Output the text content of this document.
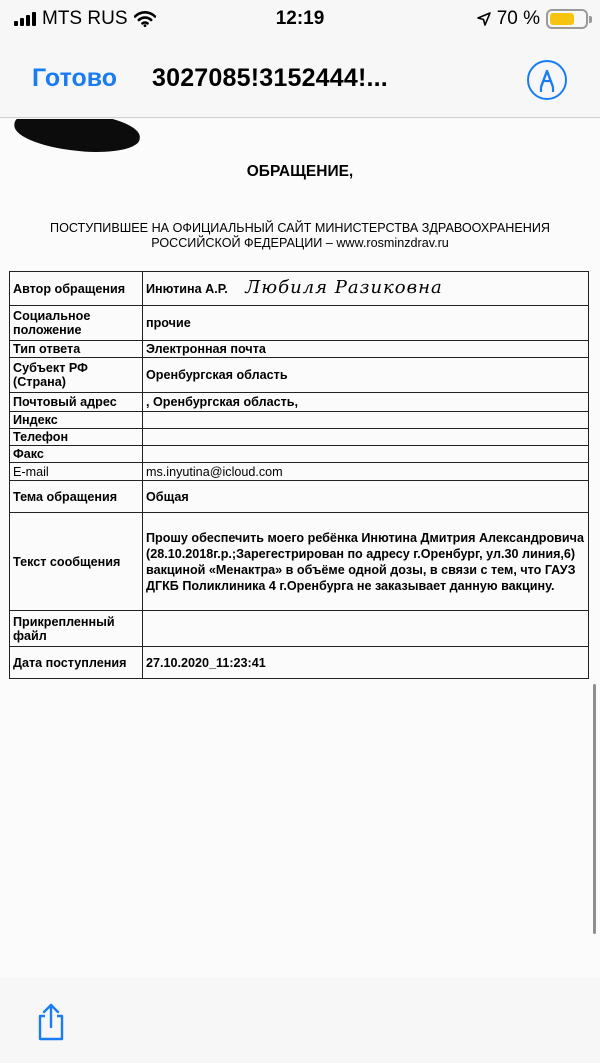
MTS RUS	12:19	70 %
Готово 3027085!3152444!...
ОБРАЩЕНИЕ,
ПОСТУПИВШЕЕ НА ОФИЦИАЛЬНЫЙ САЙТ МИНИСТЕРСТВА ЗДРАВООХРАНЕНИЯ
РОССИЙСКОЙ ФЕДЕРАЦИИ – www.rosminzdrav.ru
Автор обращения	Инютина А.Р. Любиля Разиковна
Социальное положение	прочие
Тип ответа	Электронная почта
Субъект РФ (Страна)	Оренбургская область
Почтовый адрес	, Оренбургская область,
Индекс	
Телефон	
Факс	
E-mail	ms.inyutina@icloud.com
Тема обращения	Общая
Текст сообщения	Прошу обеспечить моего ребёнка Инютина Дмитрия Александровича (28.10.2018г.р.;Зарегестрирован по адресу г.Оренбург, ул.30 линия,6) вакциной «Менактра» в объёме одной дозы, в связи с тем, что ГАУЗ ДГКБ Поликлиника 4 г.Оренбурга не заказывает данную вакцину.
Прикрепленный файл	
Дата поступления	27.10.2020_11:23:41
